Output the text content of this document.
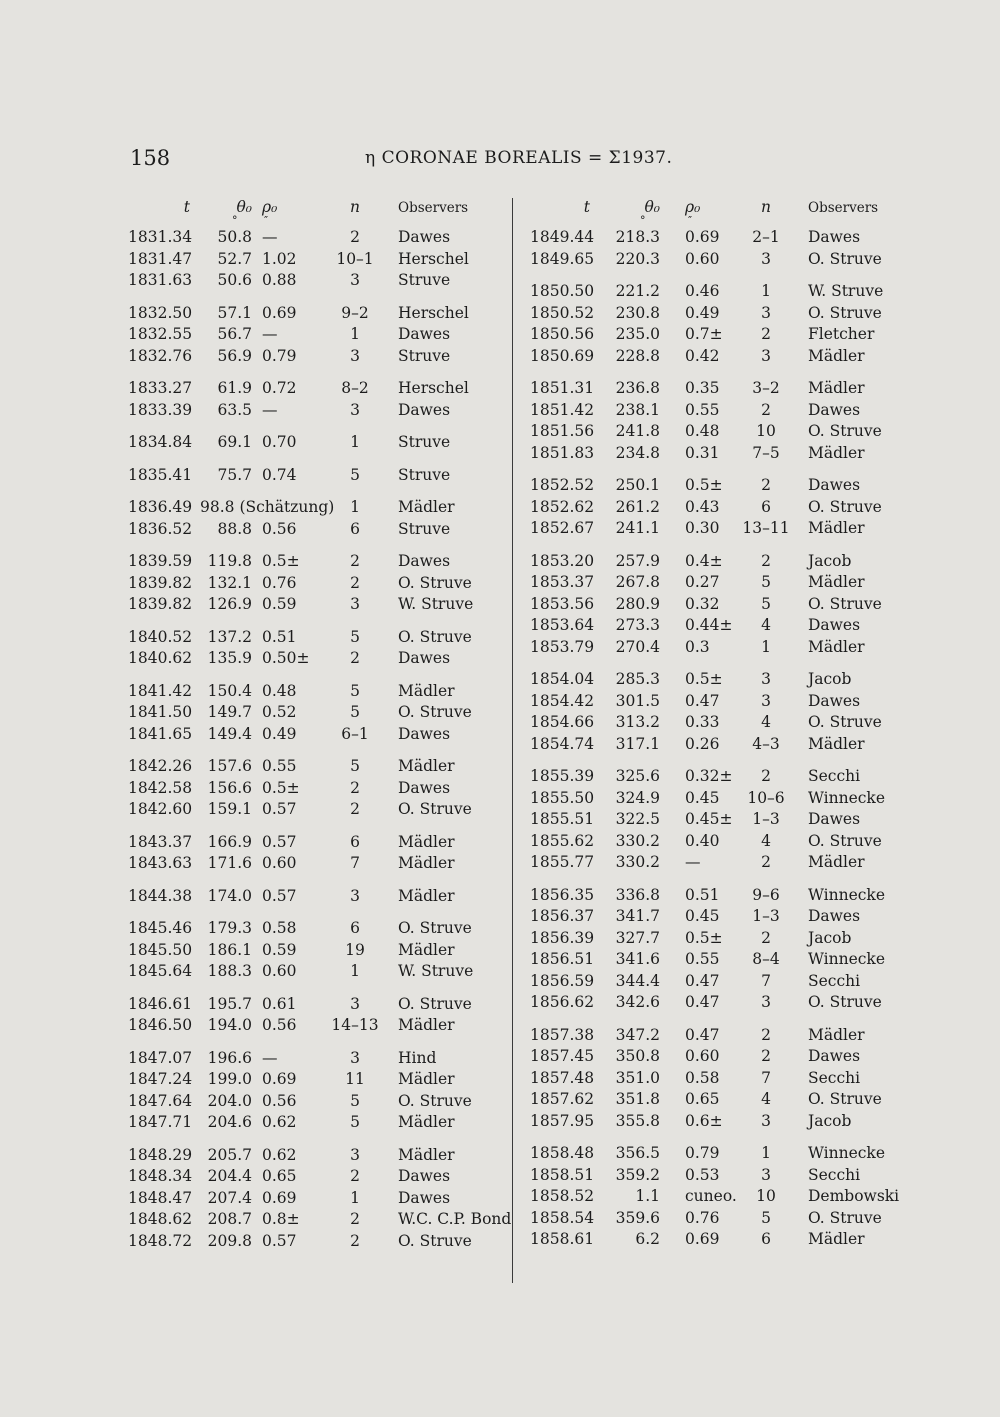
158	η CORONAE BOREALIS = Σ1937.
t	θ₀
°
ρ₀
″
n	Observers
1831.34	50.8 —	2	Dawes
1831.47	52.7 1.02	10–1	Herschel
1831.63	50.6 0.88	3	Struve
1832.50	57.1 0.69	9–2	Herschel
1832.55	56.7 —	1	Dawes
1832.76	56.9 0.79	3	Struve
1833.27	61.9 0.72	8–2	Herschel
1833.39	63.5 —	3	Dawes
1834.84	69.1 0.70	1	Struve
1835.41	75.7 0.74	5	Struve
1836.49 98.8 (Schätzung)	1	Mädler
1836.52	88.8 0.56	6	Struve
1839.59	119.8 0.5±	2	Dawes
1839.82	132.1 0.76	2	O. Struve
1839.82	126.9 0.59	3	W. Struve
1840.52	137.2 0.51	5	O. Struve
1840.62	135.9 0.50±	2	Dawes
1841.42	150.4 0.48	5	Mädler
1841.50	149.7 0.52	5	O. Struve
1841.65	149.4 0.49	6–1	Dawes
1842.26	157.6 0.55	5	Mädler
1842.58	156.6 0.5±	2	Dawes
1842.60	159.1 0.57	2	O. Struve
1843.37	166.9 0.57	6	Mädler
1843.63	171.6 0.60	7	Mädler
1844.38	174.0 0.57	3	Mädler
1845.46	179.3 0.58	6	O. Struve
1845.50	186.1 0.59	19	Mädler
1845.64	188.3 0.60	1	W. Struve
1846.61	195.7 0.61	3	O. Struve
1846.50	194.0 0.56	14–13	Mädler
1847.07	196.6 —	3	Hind
1847.24	199.0 0.69	11	Mädler
1847.64	204.0 0.56	5	O. Struve
1847.71	204.6 0.62	5	Mädler
1848.29	205.7 0.62	3	Mädler
1848.34	204.4 0.65	2	Dawes
1848.47	207.4 0.69	1	Dawes
1848.62	208.7 0.8±	2	W.C. C.P. Bond
1848.72	209.8 0.57	2	O. Struve
t	θ₀
°
ρ₀
″
n	Observers
1849.44	218.3 0.69	2–1	Dawes
1849.65	220.3 0.60	3	O. Struve
1850.50	221.2 0.46	1	W. Struve
1850.52	230.8 0.49	3	O. Struve
1850.56	235.0 0.7±	2	Fletcher
1850.69	228.8 0.42	3	Mädler
1851.31	236.8 0.35	3–2	Mädler
1851.42	238.1 0.55	2	Dawes
1851.56	241.8 0.48	10	O. Struve
1851.83	234.8 0.31	7–5	Mädler
1852.52	250.1 0.5±	2	Dawes
1852.62	261.2 0.43	6	O. Struve
1852.67	241.1 0.30 13–11 Mädler
1853.20	257.9 0.4±	2	Jacob
1853.37	267.8 0.27	5	Mädler
1853.56	280.9 0.32	5	O. Struve
1853.64	273.3 0.44±	4	Dawes
1853.79	270.4 0.3	1	Mädler
1854.04	285.3 0.5±	3	Jacob
1854.42	301.5 0.47	3	Dawes
1854.66	313.2 0.33	4	O. Struve
1854.74	317.1 0.26	4–3	Mädler
1855.39	325.6 0.32±	2	Secchi
1855.50	324.9 0.45	10–6	Winnecke
1855.51	322.5 0.45±	1–3	Dawes
1855.62	330.2 0.40	4	O. Struve
1855.77	330.2 —	2	Mädler
1856.35	336.8 0.51	9–6	Winnecke
1856.37	341.7 0.45	1–3	Dawes
1856.39	327.7 0.5±	2	Jacob
1856.51	341.6 0.55	8–4	Winnecke
1856.59	344.4 0.47	7	Secchi
1856.62	342.6 0.47	3	O. Struve
1857.38	347.2 0.47	2	Mädler
1857.45	350.8 0.60	2	Dawes
1857.48	351.0 0.58	7	Secchi
1857.62	351.8 0.65	4	O. Struve
1857.95	355.8 0.6±	3	Jacob
1858.48	356.5 0.79	1	Winnecke
1858.51	359.2 0.53	3	Secchi
1858.52	1.1 cuneo.	10	Dembowski
1858.54	359.6 0.76	5	O. Struve
1858.61	6.2 0.69	6	Mädler
